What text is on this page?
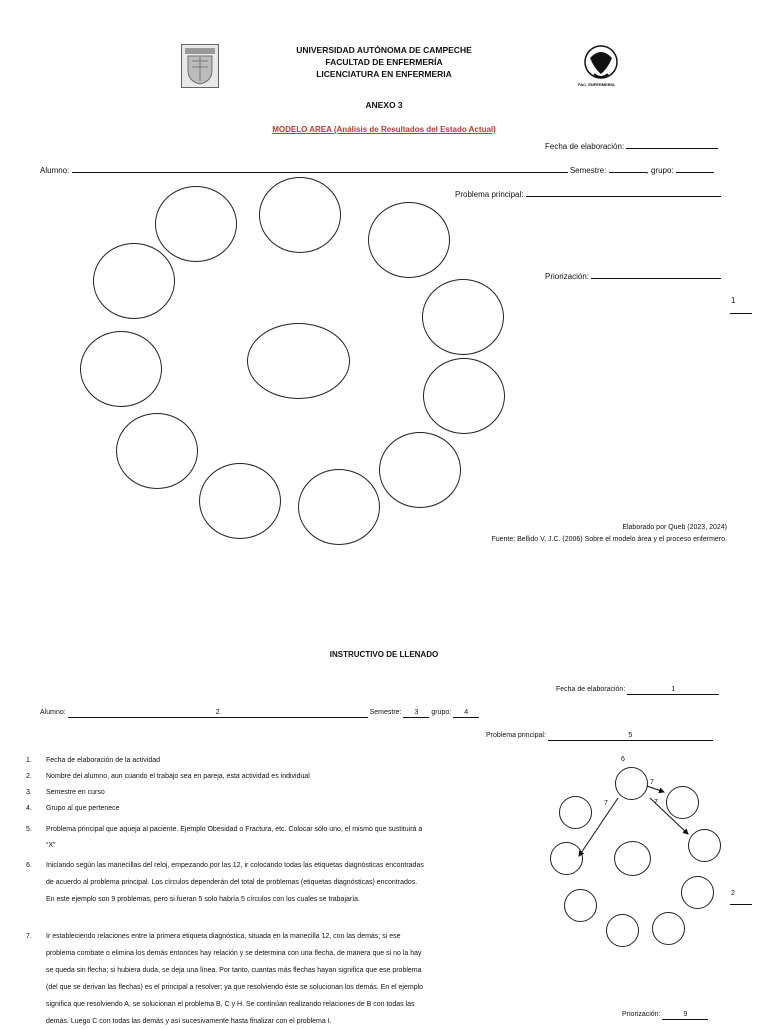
UNIVERSIDAD AUTÓNOMA DE CAMPECHE
FACULTAD DE ENFERMERÍA
LICENCIATURA EN ENFERMERIA
FAC. ENFERMERIA
ANEXO 3
MODELO AREA (Análisis de Resultados del Estado Actual)
Fecha de elaboración:
Alumno:	Semestre:	, grupo:
Problema principal:
Priorización:
1
Elaborado por Queb (2023, 2024)
Fuente: Bellido V, J.C. (2006) Sobre el modelo área y el proceso enfermero.
INSTRUCTIVO DE LLENADO
Fecha de elaboración:	1
Alumno:	2	Semestre: 3 grupo: 4
Problema principal:	5
1. Fecha de elaboración de la actividad
2. Nombre del alumno, aun cuando el trabajo sea en pareja, esta actividad es individual
3. Semestre en curso
4. Grupo al que pertenece
5. Problema principal que aqueja al paciente. Ejemplo Obesidad o Fractura, etc. Colocar sólo uno, el mismo que sustituirá a
“X”
6. Iniciando según las manecillas del reloj, empezando por las 12, ir colocando todas las etiquetas diagnósticas encontradas
de acuerdo al problema principal. Los círculos dependerán del total de problemas (etiquetas diagnósticas) encontrados.
En este ejemplo son 9 problemas, pero si fueran 5 solo habría 5 círculos con los cuales se trabajaría.
7. Ir estableciendo relaciones entre la primera etiqueta diagnóstica, situada en la manecilla 12, con las demás; si ese
problema combate o elimina los demás entonces hay relación y se determina con una flecha, de manera que si no la hay
se queda sin flecha; si hubiera duda, se deja una línea. Por tanto, cuantas más flechas hayan significa que ese problema
(del que se derivan las flechas) es el principal a resolver; ya que resolviendo éste se solucionan los demás. En el ejemplo
significa que resolviendo A, se solucionan el problema B, C y H. Se continúan realizando relaciones de B con todas las
demás. Luego C con todas las demás y así sucesivamente hasta finalizar con el problema I.
6
7
7	7
2
Priorización:	9
